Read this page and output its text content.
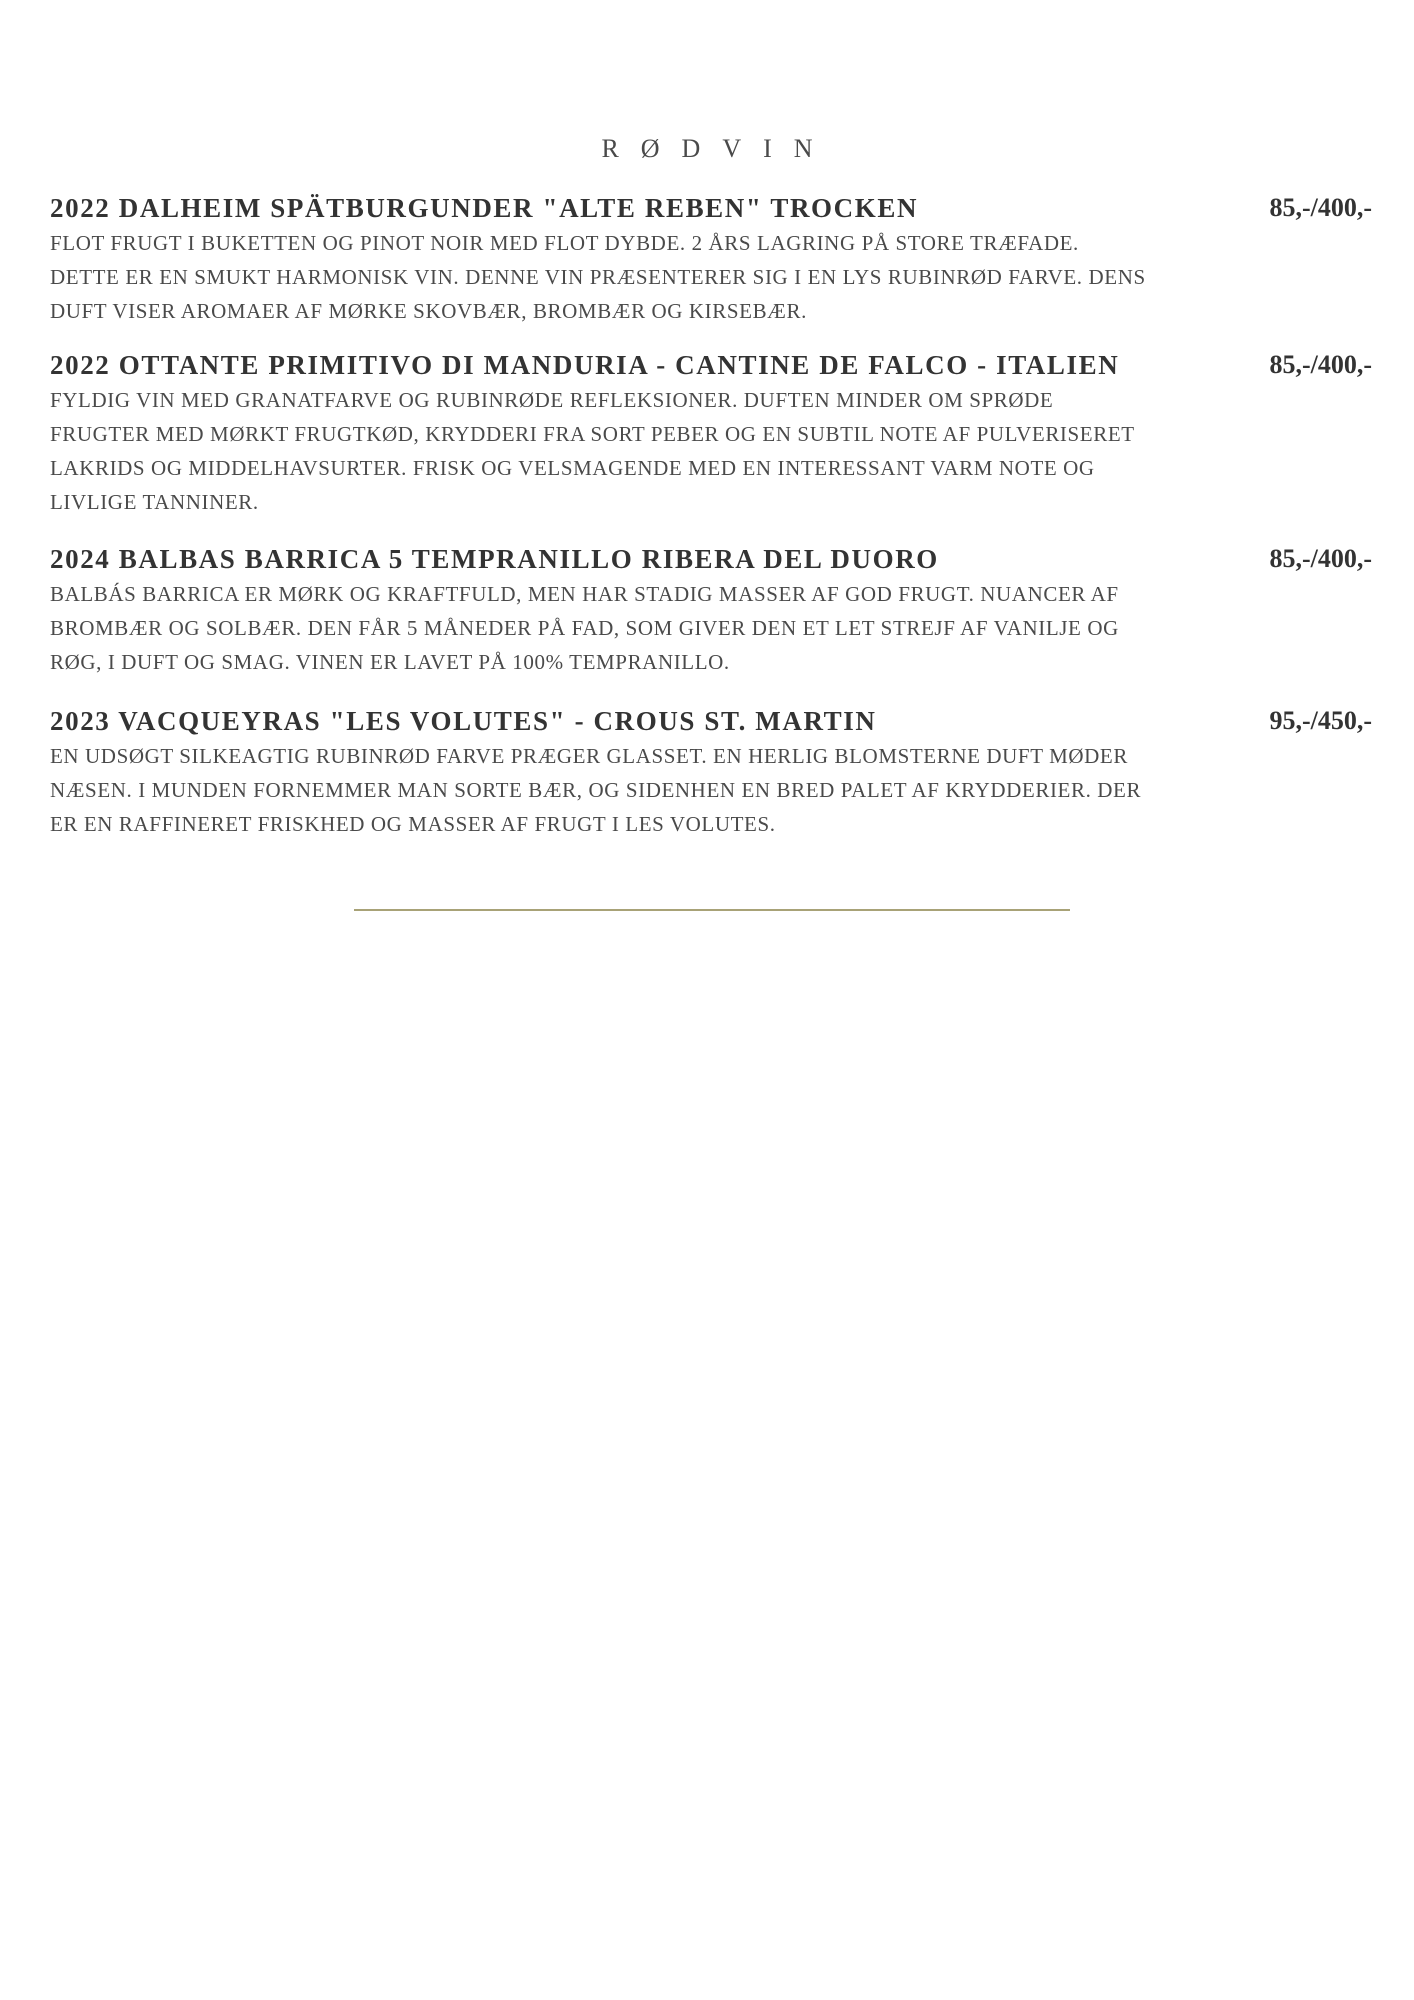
RØDVIN
2022 DALHEIM SPÄTBURGUNDER "ALTE REBEN" TROCKEN	85,-/400,-

FLOT FRUGT I BUKETTEN OG PINOT NOIR MED FLOT DYBDE. 2 ÅRS LAGRING PÅ STORE TRÆFADE.
DETTE ER EN SMUKT HARMONISK VIN. DENNE VIN PRÆSENTERER SIG I EN LYS RUBINRØD FARVE. DENS
DUFT VISER AROMAER AF MØRKE SKOVBÆR, BROMBÆR OG KIRSEBÆR.

2022 OTTANTE PRIMITIVO DI MANDURIA - CANTINE DE FALCO - ITALIEN	85,-/400,-

FYLDIG VIN MED GRANATFARVE OG RUBINRØDE REFLEKSIONER. DUFTEN MINDER OM SPRØDE
FRUGTER MED MØRKT FRUGTKØD, KRYDDERI FRA SORT PEBER OG EN SUBTIL NOTE AF PULVERISERET
LAKRIDS OG MIDDELHAVSURTER. FRISK OG VELSMAGENDE MED EN INTERESSANT VARM NOTE OG
LIVLIGE TANNINER.

2024 BALBAS BARRICA 5 TEMPRANILLO RIBERA DEL DUORO	85,-/400,-

BALBÁS BARRICA ER MØRK OG KRAFTFULD, MEN HAR STADIG MASSER AF GOD FRUGT. NUANCER AF
BROMBÆR OG SOLBÆR. DEN FÅR 5 MÅNEDER PÅ FAD, SOM GIVER DEN ET LET STREJF AF VANILJE OG
RØG, I DUFT OG SMAG. VINEN ER LAVET PÅ 100% TEMPRANILLO.

2023 VACQUEYRAS "LES VOLUTES" - CROUS ST. MARTIN	95,-/450,-

EN UDSØGT SILKEAGTIG RUBINRØD FARVE PRÆGER GLASSET. EN HERLIG BLOMSTERNE DUFT MØDER
NÆSEN. I MUNDEN FORNEMMER MAN SORTE BÆR, OG SIDENHEN EN BRED PALET AF KRYDDERIER. DER
ER EN RAFFINERET FRISKHED OG MASSER AF FRUGT I LES VOLUTES.
